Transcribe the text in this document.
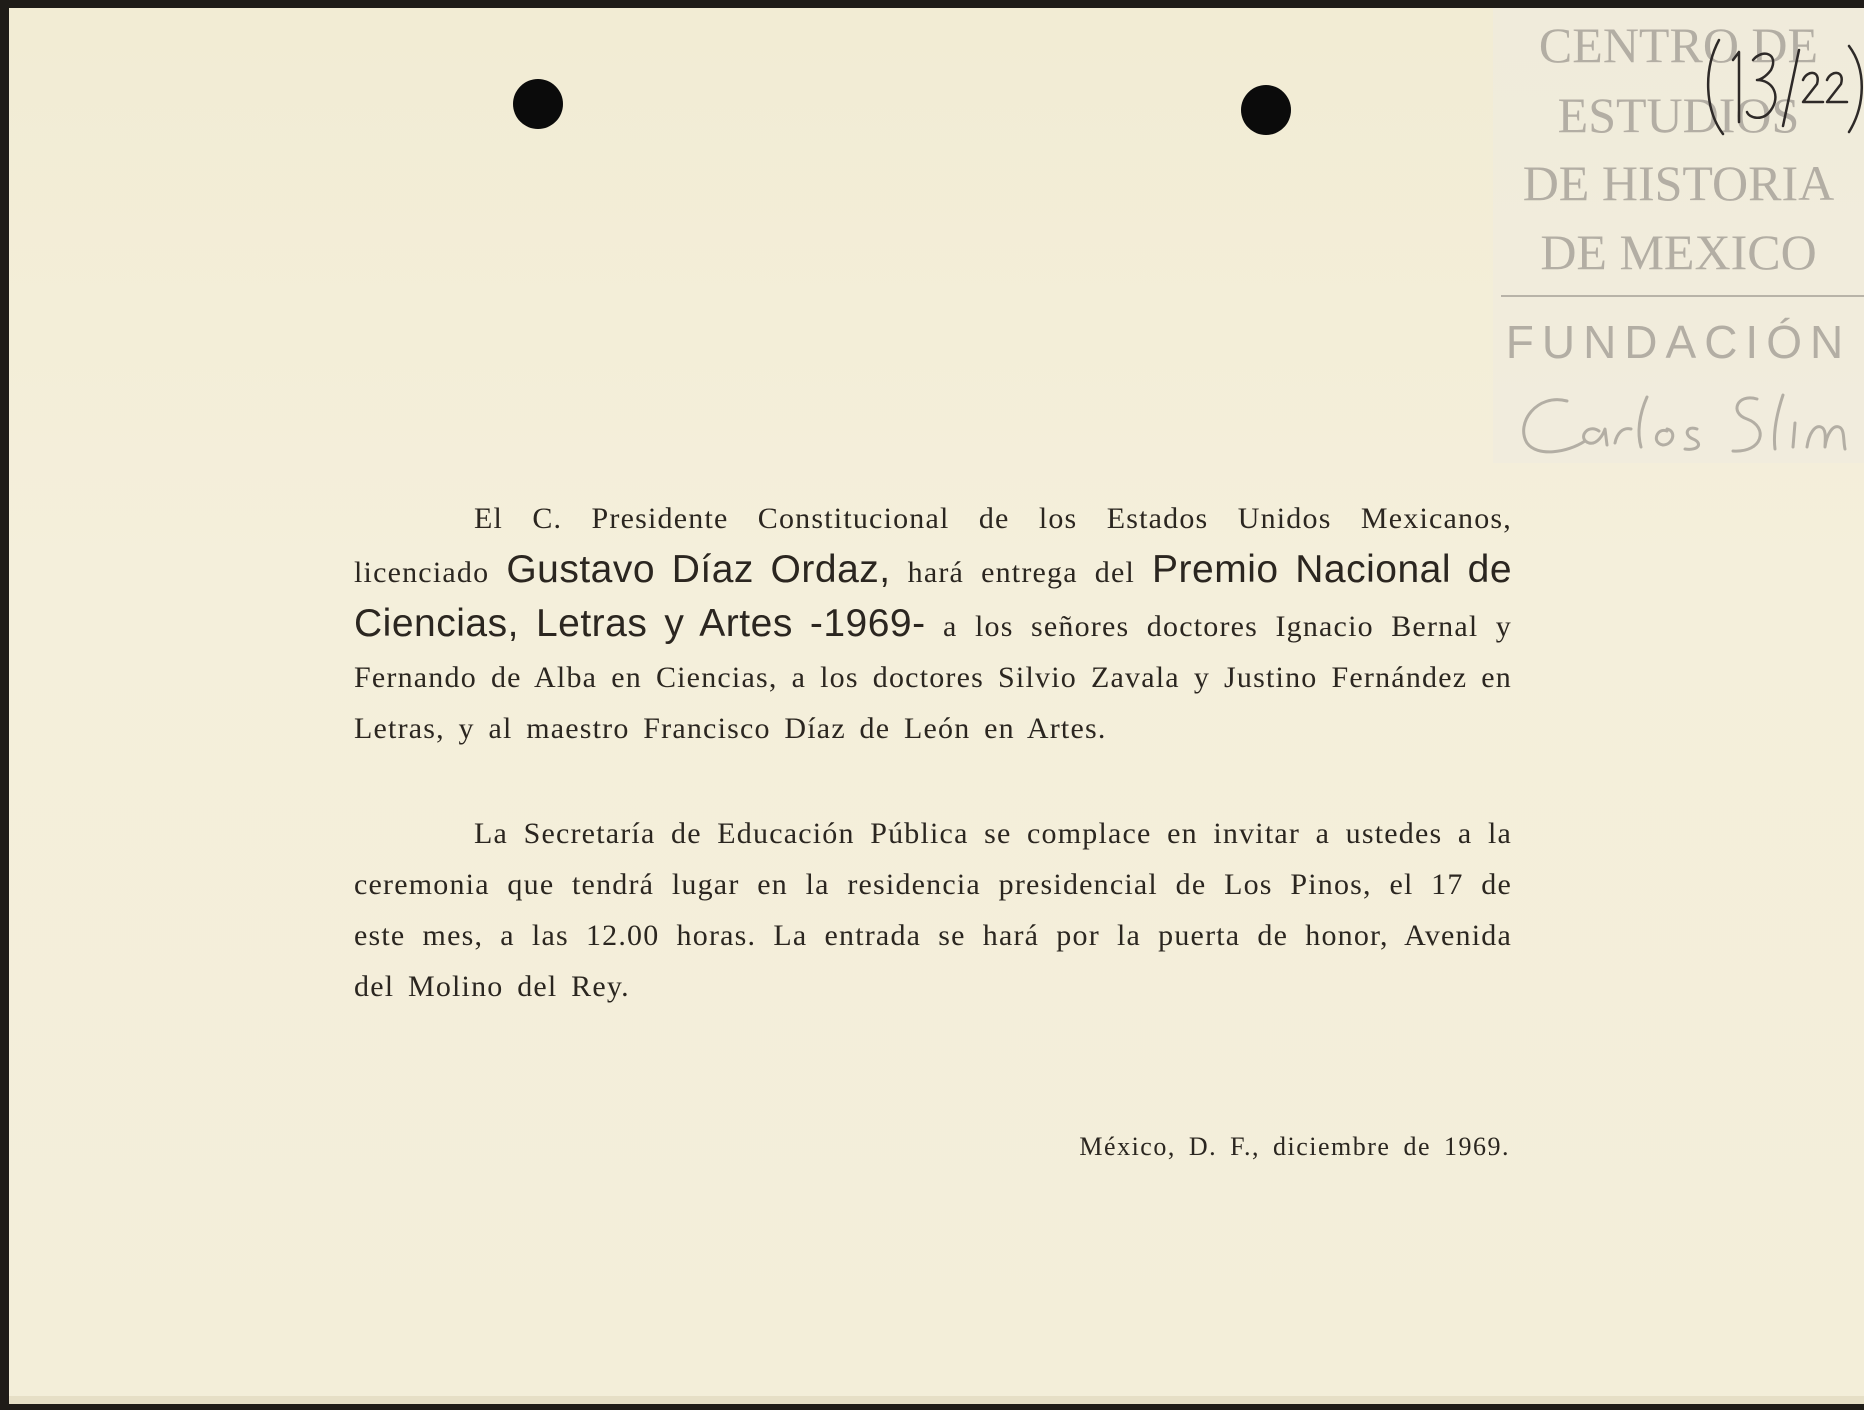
CENTRO DE
ESTUDIOS
DE HISTORIA
DE MEXICO
FUNDACIÓN

El C. Presidente Constitucional de los Estados Unidos Mexicanos, licenciado Gustavo Díaz Ordaz, hará entrega del Premio Nacional de Ciencias, Letras y Artes -1969- a los señores doctores Ignacio Bernal y Fernando de Alba en Ciencias, a los doctores Silvio Zavala y Justino Fernández en Letras, y al maestro Francisco Díaz de León en Artes.

La Secretaría de Educación Pública se complace en invitar a ustedes a la ceremonia que tendrá lugar en la residencia presidencial de Los Pinos, el 17 de este mes, a las 12.00 horas. La entrada se hará por la puerta de honor, Avenida del Molino del Rey.

México, D. F., diciembre de 1969.
